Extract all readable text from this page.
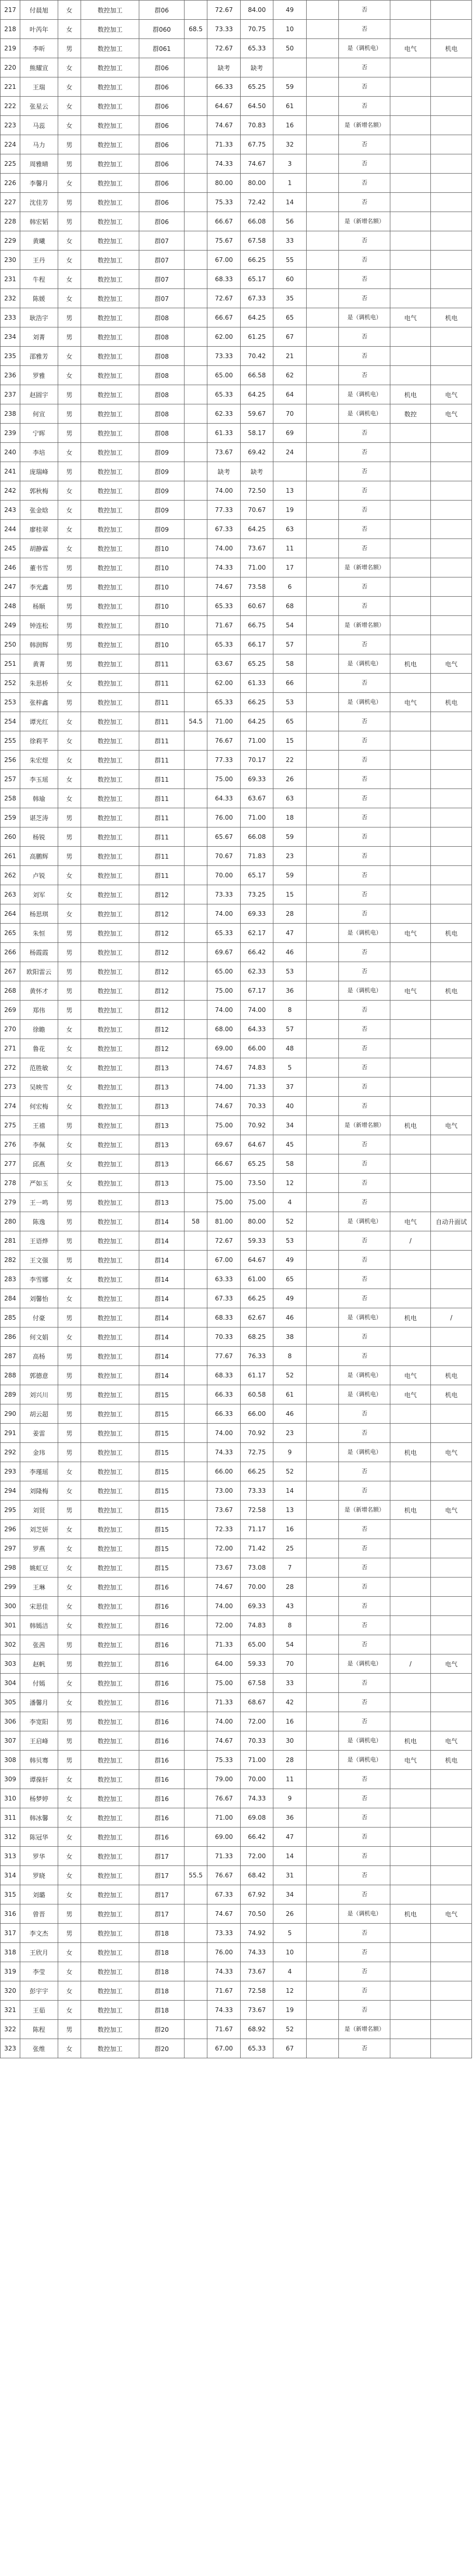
217	付晨旭	女	数控加工	群06		72.67	84.00	49		否		
218	叶芮年	女	数控加工	群060	68.5	73.33	70.75	10		否		
219	李昕	男	数控加工	群061		72.67	65.33	50		是（调机电）	电气	机电
220	熊耀宣	女	数控加工	群06		缺考	缺考			否		
221	王瑞	女	数控加工	群06		66.33	65.25	59		否		
222	张星云	女	数控加工	群06		64.67	64.50	61		否		
223	马蕊	女	数控加工	群06		74.67	70.83	16		是（新增名额）		
224	马力	男	数控加工	群06		71.33	67.75	32		否		
225	周雅晴	男	数控加工	群06		74.33	74.67	3		否		
226	李馨月	女	数控加工	群06		80.00	80.00	1		否		
227	沈佳芳	男	数控加工	群06		75.33	72.42	14		否		
228	韩宏韬	男	数控加工	群06		66.67	66.08	56		是（新增名额）		
229	黄曦	女	数控加工	群07		75.67	67.58	33		否		
230	王丹	女	数控加工	群07		67.00	66.25	55		否		
231	牛程	女	数控加工	群07		68.33	65.17	60		否		
232	陈媛	女	数控加工	群07		72.67	67.33	35		否		
233	耿浩宇	男	数控加工	群08		66.67	64.25	65		是（调机电）	电气	机电
234	刘菁	男	数控加工	群08		62.00	61.25	67		否		
235	邵雅芳	女	数控加工	群08		73.33	70.42	21		否		
236	罗雅	女	数控加工	群08		65.00	66.58	62		否		
237	赵圆宇	男	数控加工	群08		65.33	64.25	64		是（调机电）	机电	电气
238	何宣	男	数控加工	群08		62.33	59.67	70		是（调机电）	数控	电气
239	宁晖	男	数控加工	群08		61.33	58.17	69		否		
240	李培	女	数控加工	群09		73.67	69.42	24		否		
241	庞瑞峰	男	数控加工	群09		缺考	缺考			否		
242	郭秋梅	女	数控加工	群09		74.00	72.50	13		否		
243	张金晗	女	数控加工	群09		77.33	70.67	19		否		
244	廖桂翠	女	数控加工	群09		67.33	64.25	63		否		
245	胡静霖	女	数控加工	群10		74.00	73.67	11		否		
246	董书雪	男	数控加工	群10		74.33	71.00	17		是（新增名额）		
247	李光鑫	男	数控加工	群10		74.67	73.58	6		否		
248	杨顺	男	数控加工	群10		65.33	60.67	68		否		
249	钟连松	男	数控加工	群10		71.67	66.75	54		是（新增名额）		
250	韩润辉	男	数控加工	群10		65.33	66.17	57		否		
251	黄菁	男	数控加工	群11		63.67	65.25	58		是（调机电）	机电	电气
252	朱思桥	女	数控加工	群11		62.00	61.33	66		否		
253	张梓鑫	男	数控加工	群11		65.33	66.25	53		是（调机电）	电气	机电
254	谭光红	女	数控加工	群11	54.5	71.00	64.25	65		否		
255	徐莉芊	女	数控加工	群11		76.67	71.00	15		否		
256	朱宏煜	女	数控加工	群11		77.33	70.17	22		否		
257	李玉瑶	女	数控加工	群11		75.00	69.33	26		否		
258	韩瑜	女	数控加工	群11		64.33	63.67	63		否		
259	谌芝涛	男	数控加工	群11		76.00	71.00	18		否		
260	杨锐	男	数控加工	群11		65.67	66.08	59		否		
261	高鹏辉	男	数控加工	群11		70.67	71.83	23		否		
262	卢锐	女	数控加工	群11		70.00	65.17	59		否		
263	刘军	女	数控加工	群12		73.33	73.25	15		否		
264	杨思琪	女	数控加工	群12		74.00	69.33	28		否		
265	朱恒	男	数控加工	群12		65.33	62.17	47		是（调机电）	电气	机电
266	杨霞霞	男	数控加工	群12		69.67	66.42	46		否		
267	欧阳雷云	男	数控加工	群12		65.00	62.33	53		否		
268	黄怀才	男	数控加工	群12		75.00	67.17	36		是（调机电）	电气	机电
269	郑伟	男	数控加工	群12		74.00	74.00	8		否		
270	徐瞻	女	数控加工	群12		68.00	64.33	57		否		
271	鲁花	女	数控加工	群12		69.00	66.00	48		否		
272	范胜敏	女	数控加工	群13		74.67	74.83	5		否		
273	吴映雪	女	数控加工	群13		74.00	71.33	37		否		
274	何宏梅	女	数控加工	群13		74.67	70.33	40		否		
275	王禧	男	数控加工	群13		75.00	70.92	34		是（新增名额）	机电	电气
276	李佩	女	数控加工	群13		69.67	64.67	45		否		
277	邱燕	女	数控加工	群13		66.67	65.25	58		否		
278	严如玉	女	数控加工	群13		75.00	73.50	12		否		
279	王一鸣	男	数控加工	群13		75.00	75.00	4		否		
280	陈逸	男	数控加工	群14	58	81.00	80.00	52		是（调机电）	电气	自动升面试
281	王语烨	男	数控加工	群14		72.67	59.33	53		否	/	
282	王文强	男	数控加工	群14		67.00	64.67	49		否		
283	李雪娜	女	数控加工	群14		63.33	61.00	65		否		
284	刘馨怡	女	数控加工	群14		67.33	66.25	49		否		
285	付豪	男	数控加工	群14		68.33	62.67	46		是（调机电）	机电	/
286	何文娟	女	数控加工	群14		70.33	68.25	38		否		
287	高杨	男	数控加工	群14		77.67	76.33	8		否		
288	郭德意	男	数控加工	群14		68.33	61.17	52		是（调机电）	电气	机电
289	刘兴川	男	数控加工	群15		66.33	60.58	61		是（调机电）	电气	机电
290	胡云超	男	数控加工	群15		66.33	66.00	46		否		
291	姜雷	男	数控加工	群15		74.00	70.92	23		否		
292	金玮	男	数控加工	群15		74.33	72.75	9		是（调机电）	机电	电气
293	李瑾瑶	女	数控加工	群15		66.00	66.25	52		否		
294	刘隆梅	女	数控加工	群15		73.00	73.33	14		否		
295	刘贤	男	数控加工	群15		73.67	72.58	13		是（新增名额）	机电	电气
296	刘芝妍	女	数控加工	群15		72.33	71.17	16		否		
297	罗燕	女	数控加工	群15		72.00	71.42	25		否		
298	姚虹豆	女	数控加工	群15		73.67	73.08	7		否		
299	王琳	女	数控加工	群16		74.67	70.00	28		否		
300	宋思佳	女	数控加工	群16		74.00	69.33	43		否		
301	韩嫣洁	女	数控加工	群16		72.00	74.83	8		否		
302	张茜	男	数控加工	群16		71.33	65.00	54		否		
303	赵帆	男	数控加工	群16		64.00	59.33	70		是（调机电）	/	电气
304	付嫣	女	数控加工	群16		75.00	67.58	33		否		
305	潘馨月	女	数控加工	群16		71.33	68.67	42		否		
306	李宽阳	男	数控加工	群16		74.00	72.00	16		否		
307	王启峰	男	数控加工	群16		74.67	70.33	30		是（调机电）	机电	电气
308	韩贝骞	男	数控加工	群16		75.33	71.00	28		是（调机电）	电气	机电
309	谭葆轩	女	数控加工	群16		79.00	70.00	11		否		
310	杨梦婷	女	数控加工	群16		76.67	74.33	9		否		
311	韩冰馨	女	数控加工	群16		71.00	69.08	36		否		
312	陈冠华	女	数控加工	群16		69.00	66.42	47		否		
313	罗华	女	数控加工	群17		71.33	72.00	14		否		
314	罗晓	女	数控加工	群17	55.5	76.67	68.42	31		否		
315	刘璐	女	数控加工	群17		67.33	67.92	34		否		
316	曾晋	男	数控加工	群17		74.67	70.50	26		是（调机电）	机电	电气
317	李文杰	男	数控加工	群18		73.33	74.92	5		否		
318	王欣月	女	数控加工	群18		76.00	74.33	10		否		
319	李莹	女	数控加工	群18		74.33	73.67	4		否		
320	彭宇宇	女	数控加工	群18		71.67	72.58	12		否		
321	王茹	女	数控加工	群18		74.33	73.67	19		否		
322	陈程	男	数控加工	群20		71.67	68.92	52		是（新增名额）		
323	张维	女	数控加工	群20		67.00	65.33	67		否		
